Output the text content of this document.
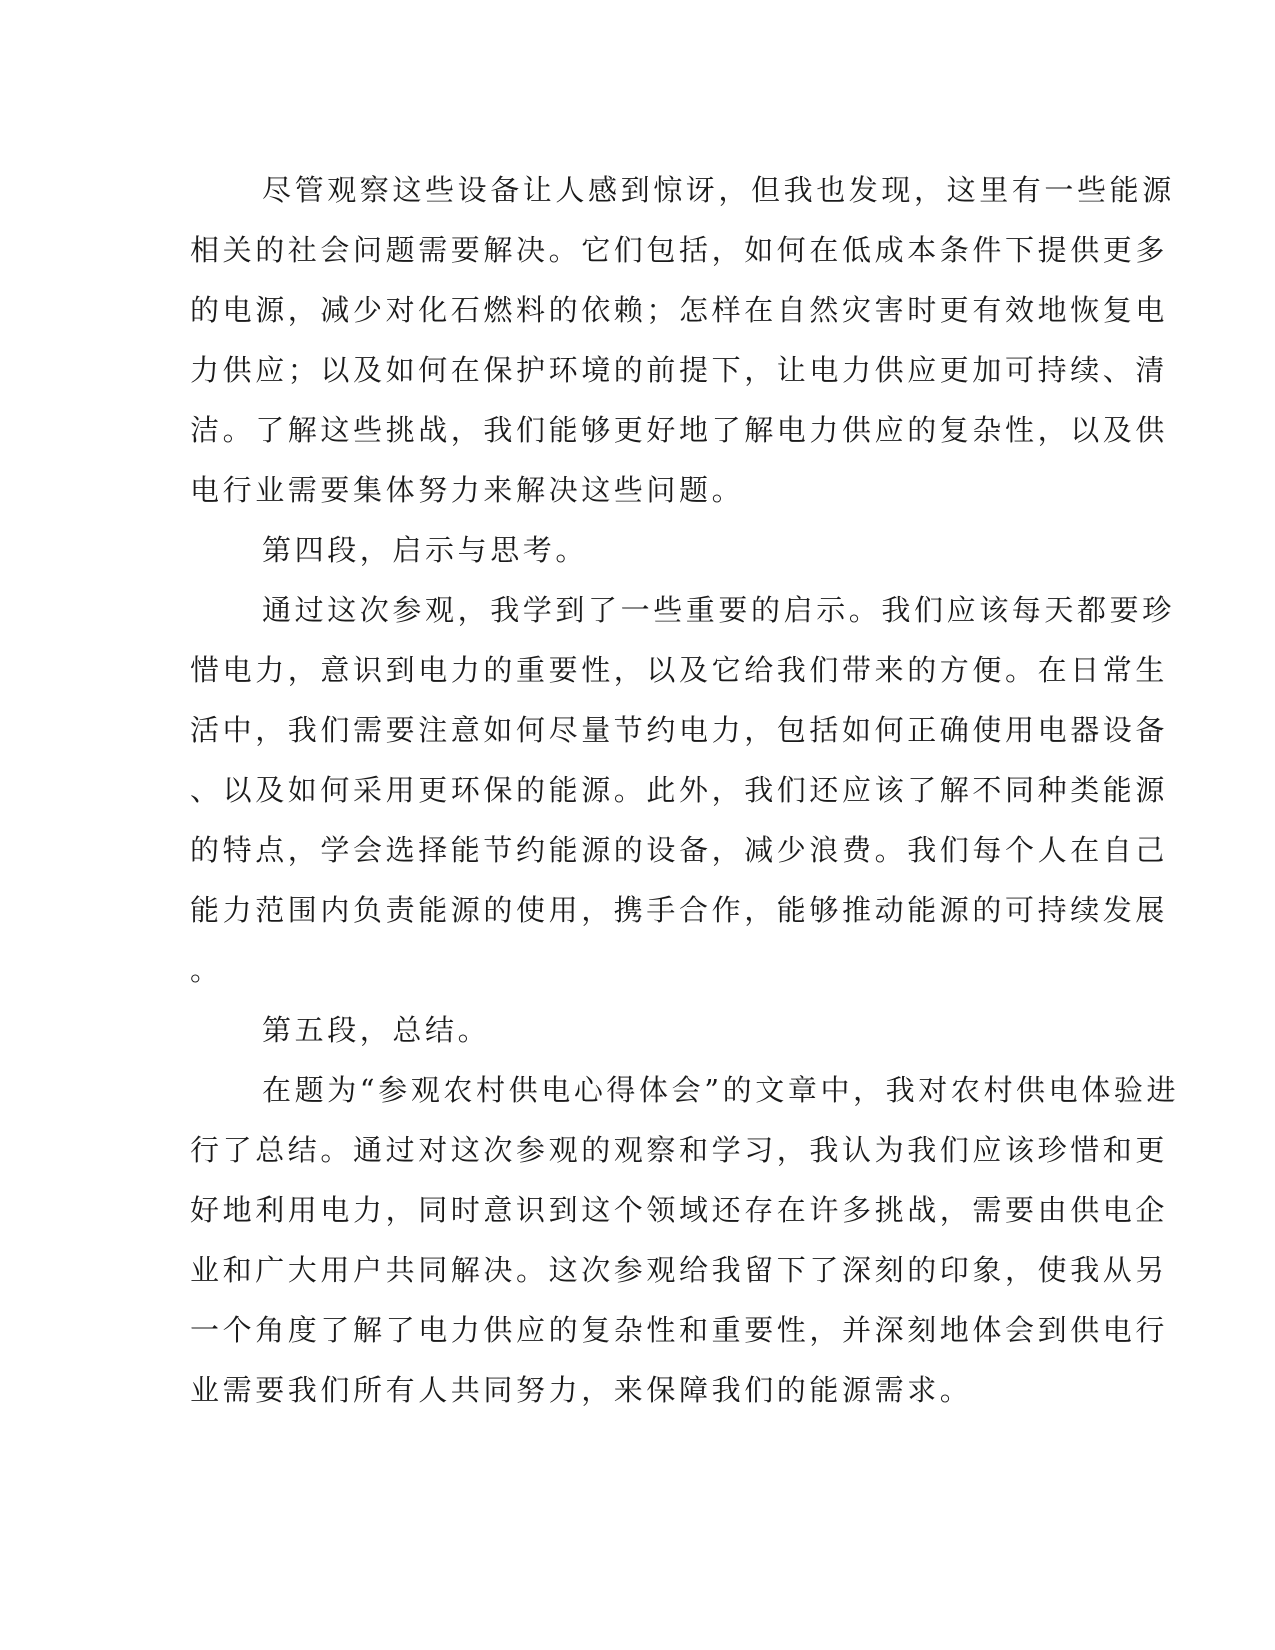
尽管观察这些设备让人感到惊讶，但我也发现，这里有一些能源
相关的社会问题需要解决。它们包括，如何在低成本条件下提供更多
的电源，减少对化石燃料的依赖；怎样在自然灾害时更有效地恢复电
力供应；以及如何在保护环境的前提下，让电力供应更加可持续、清
洁。了解这些挑战，我们能够更好地了解电力供应的复杂性，以及供
电行业需要集体努力来解决这些问题。
第四段，启示与思考。
通过这次参观，我学到了一些重要的启示。我们应该每天都要珍
惜电力，意识到电力的重要性，以及它给我们带来的方便。在日常生
活中，我们需要注意如何尽量节约电力，包括如何正确使用电器设备
、以及如何采用更环保的能源。此外，我们还应该了解不同种类能源
的特点，学会选择能节约能源的设备，减少浪费。我们每个人在自己
能力范围内负责能源的使用，携手合作，能够推动能源的可持续发展
。
第五段，总结。
在题为“参观农村供电心得体会”的文章中，我对农村供电体验进
行了总结。通过对这次参观的观察和学习，我认为我们应该珍惜和更
好地利用电力，同时意识到这个领域还存在许多挑战，需要由供电企
业和广大用户共同解决。这次参观给我留下了深刻的印象，使我从另
一个角度了解了电力供应的复杂性和重要性，并深刻地体会到供电行
业需要我们所有人共同努力，来保障我们的能源需求。
